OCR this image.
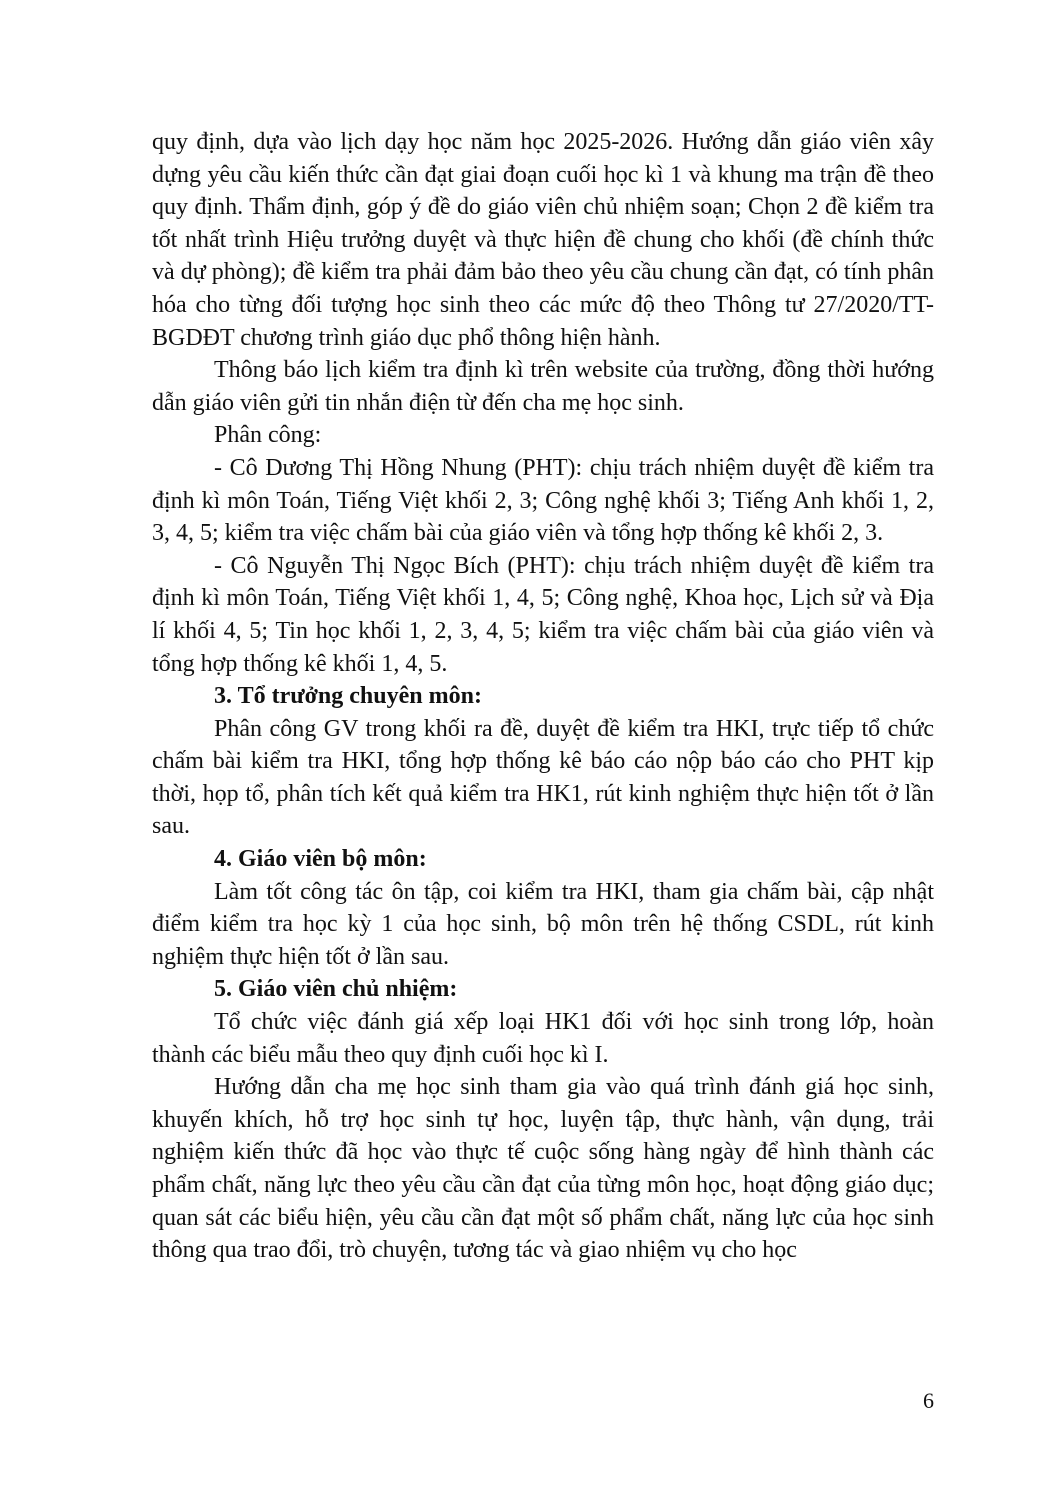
quy định, dựa vào lịch dạy học năm học 2025-2026. Hướng dẫn giáo viên xây dựng yêu cầu kiến thức cần đạt giai đoạn cuối học kì 1 và khung ma trận đề theo quy định. Thẩm định, góp ý đề do giáo viên chủ nhiệm soạn; Chọn 2 đề kiểm tra tốt nhất trình Hiệu trưởng duyệt và thực hiện đề chung cho khối (đề chính thức và dự phòng); đề kiểm tra phải đảm bảo theo yêu cầu chung cần đạt, có tính phân hóa cho từng đối tượng học sinh theo các mức độ theo Thông tư 27/2020/TT-BGDĐT chương trình giáo dục phổ thông hiện hành.

Thông báo lịch kiểm tra định kì trên website của trường, đồng thời hướng dẫn giáo viên gửi tin nhắn điện từ đến cha mẹ học sinh.

Phân công:

- Cô Dương Thị Hồng Nhung (PHT): chịu trách nhiệm duyệt đề kiểm tra định kì môn Toán, Tiếng Việt khối 2, 3; Công nghệ khối 3; Tiếng Anh khối 1, 2, 3, 4, 5; kiểm tra việc chấm bài của giáo viên và tổng hợp thống kê khối 2, 3.

- Cô Nguyễn Thị Ngọc Bích (PHT): chịu trách nhiệm duyệt đề kiểm tra định kì môn Toán, Tiếng Việt khối 1, 4, 5; Công nghệ, Khoa học, Lịch sử và Địa lí khối 4, 5; Tin học khối 1, 2, 3, 4, 5; kiểm tra việc chấm bài của giáo viên và tổng hợp thống kê khối 1, 4, 5.

3. Tổ trưởng chuyên môn:

Phân công GV trong khối ra đề, duyệt đề kiểm tra HKI, trực tiếp tổ chức chấm bài kiểm tra HKI, tổng hợp thống kê báo cáo nộp báo cáo cho PHT kịp thời, họp tổ, phân tích kết quả kiểm tra HK1, rút kinh nghiệm thực hiện tốt ở lần sau.

4. Giáo viên bộ môn:

Làm tốt công tác ôn tập, coi kiểm tra HKI, tham gia chấm bài, cập nhật điểm kiểm tra học kỳ 1 của học sinh, bộ môn trên hệ thống CSDL, rút kinh nghiệm thực hiện tốt ở lần sau.

5. Giáo viên chủ nhiệm:

Tổ chức việc đánh giá xếp loại HK1 đối với học sinh trong lớp, hoàn thành các biểu mẫu theo quy định cuối học kì I.

Hướng dẫn cha mẹ học sinh tham gia vào quá trình đánh giá học sinh, khuyến khích, hỗ trợ học sinh tự học, luyện tập, thực hành, vận dụng, trải nghiệm kiến thức đã học vào thực tế cuộc sống hàng ngày để hình thành các phẩm chất, năng lực theo yêu cầu cần đạt của từng môn học, hoạt động giáo dục; quan sát các biểu hiện, yêu cầu cần đạt một số phẩm chất, năng lực của học sinh thông qua trao đổi, trò chuyện, tương tác và giao nhiệm vụ cho học

6
